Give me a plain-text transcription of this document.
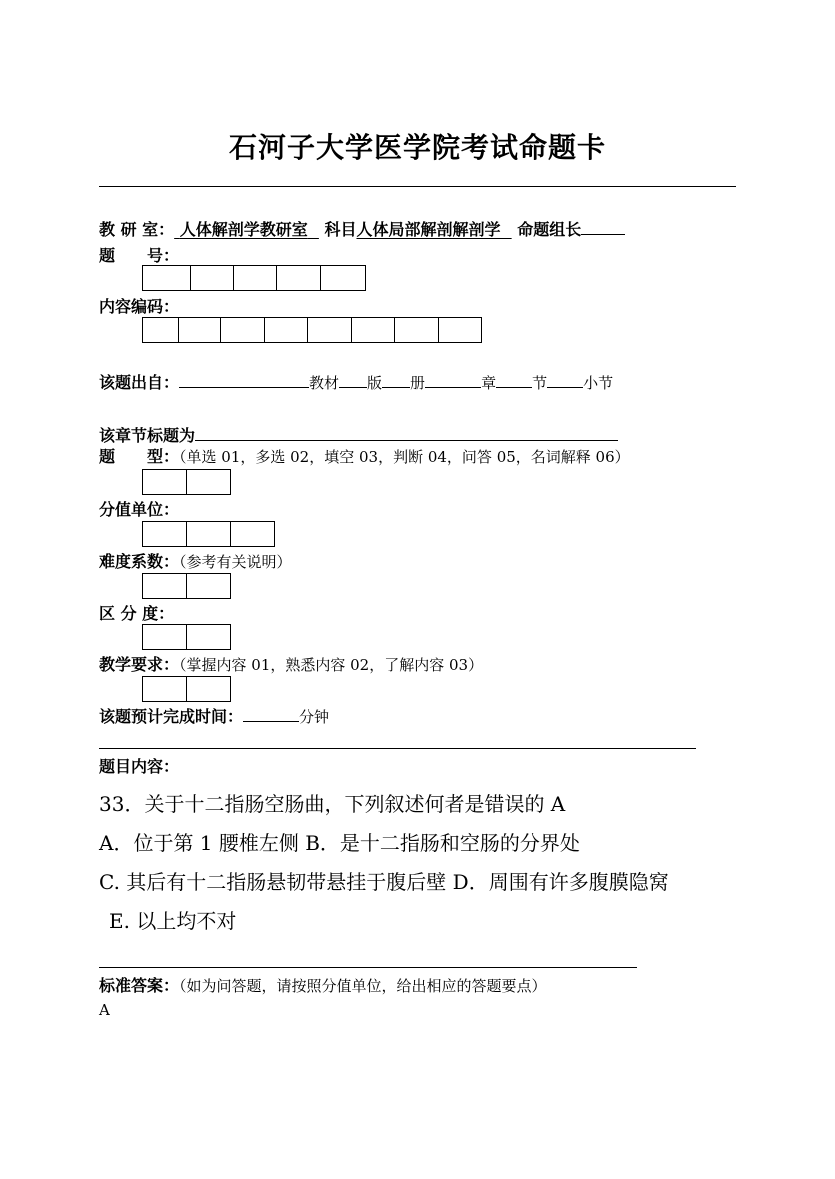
石河子大学医学院考试命题卡
教 研 室： 人体解剖学教研室 科目人体局部解剖解剖学 命题组长
题　　号：
内容编码：
该题出自：	教材 版 册	章 节 小节
该章节标题为
题　　型：（单选 01，多选 02，填空 03，判断 04，问答 05，名词解释 06）
分值单位：
难度系数：（参考有关说明）
区 分 度：
教学要求：（掌握内容 01，熟悉内容 02，了解内容 03）
该题预计完成时间：	分钟
题目内容：
33．关于十二指肠空肠曲，下列叙述何者是错误的 A
A．位于第 1 腰椎左侧 B．是十二指肠和空肠的分界处
C. 其后有十二指肠悬韧带悬挂于腹后壁 D．周围有许多腹膜隐窝
E. 以上均不对
标准答案：（如为问答题，请按照分值单位，给出相应的答题要点）
A
